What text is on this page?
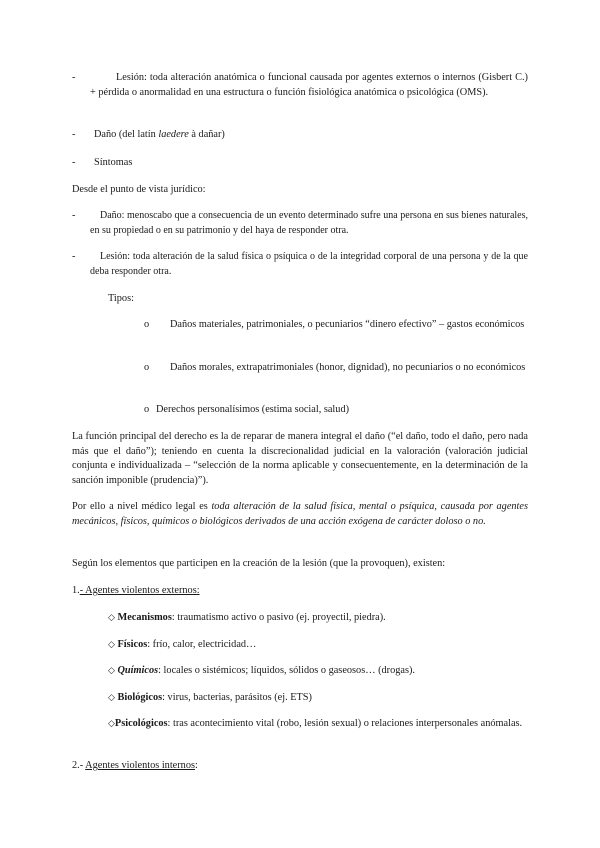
-	Lesión: toda alteración anatómica o funcional causada por agentes externos o internos (Gisbert C.) + pérdida o anormalidad en una estructura o función fisiológica anatómica o psicológica (OMS).
-	Daño (del latín laedere à dañar)
-	Síntomas
Desde el punto de vista jurídico:
-	Daño: menoscabo que a consecuencia de un evento determinado sufre una persona en sus bienes naturales, en su propiedad o en su patrimonio y del haya de responder otra.
-	Lesión: toda alteración de la salud física o psíquica o de la integridad corporal de una persona y de la que deba responder otra.
Tipos:
o	Daños materiales, patrimoniales, o pecuniarios “dinero efectivo” – gastos económicos
o	Daños morales, extrapatrimoniales (honor, dignidad), no pecuniarios o no económicos
o Derechos personalísimos (estima social, salud)
La función principal del derecho es la de reparar de manera integral el daño (“el daño, todo el daño, pero nada más que el daño”); teniendo en cuenta la discrecionalidad judicial en la valoración (valoración judicial conjunta e individualizada – “selección de la norma aplicable y consecuentemente, en la determinación de la sanción imponible (prudencia)”).
Por ello a nivel médico legal es toda alteración de la salud física, mental o psíquica, causada por agentes mecánicos, físicos, químicos o biológicos derivados de una acción exógena de carácter doloso o no.
Según los elementos que participen en la creación de la lesión (que la provoquen), existen:
1.- Agentes violentos externos:
◇ Mecanismos: traumatismo activo o pasivo (ej. proyectil, piedra).
◇ Físicos: frío, calor, electricidad…
◇ Químicos: locales o sistémicos; líquidos, sólidos o gaseosos… (drogas).
◇ Biológicos: virus, bacterias, parásitos (ej. ETS)
◇Psicológicos: tras acontecimiento vital (robo, lesión sexual) o relaciones interpersonales anómalas.
2.- Agentes violentos internos:
